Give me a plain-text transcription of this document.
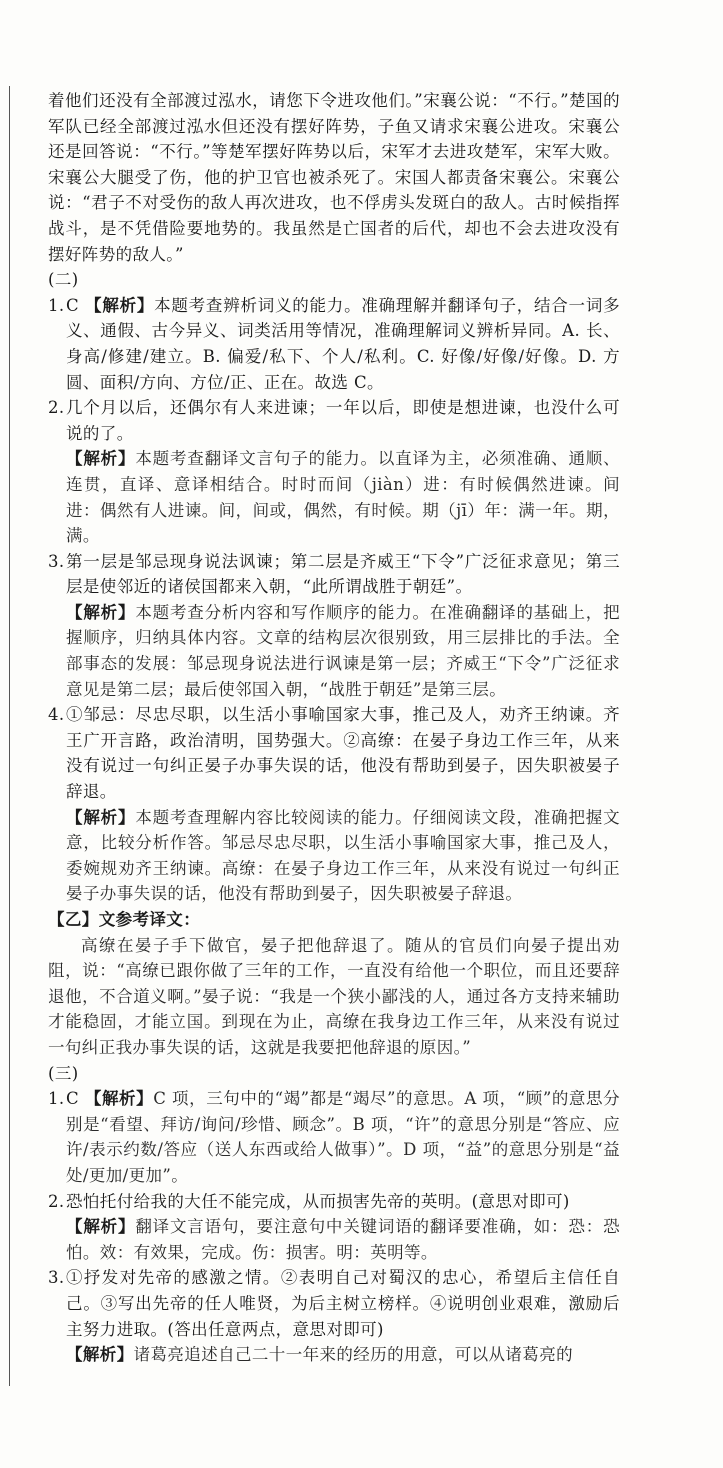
着他们还没有全部渡过泓水，请您下令进攻他们。”宋襄公说：“不行。”楚国的军队已经全部渡过泓水但还没有摆好阵势，子鱼又请求宋襄公进攻。宋襄公还是回答说：“不行。”等楚军摆好阵势以后，宋军才去进攻楚军，宋军大败。宋襄公大腿受了伤，他的护卫官也被杀死了。宋国人都责备宋襄公。宋襄公说：“君子不对受伤的敌人再次进攻，也不俘虏头发斑白的敌人。古时候指挥战斗，是不凭借险要地势的。我虽然是亡国者的后代，却也不会去进攻没有摆好阵势的敌人。”

(二)

1. C 【解析】本题考查辨析词义的能力。准确理解并翻译句子，结合一词多义、通假、古今异义、词类活用等情况，准确理解词义辨析异同。A. 长、身高/修建/建立。B. 偏爱/私下、个人/私利。C. 好像/好像/好像。D. 方圆、面积/方向、方位/正、正在。故选 C。

2. 几个月以后，还偶尔有人来进谏；一年以后，即使是想进谏，也没什么可说的了。

【解析】本题考查翻译文言句子的能力。以直译为主，必须准确、通顺、连贯，直译、意译相结合。时时而间（jiàn）进：有时候偶然进谏。间进：偶然有人进谏。间，间或，偶然，有时候。期（jī）年：满一年。期，满。

3. 第一层是邹忌现身说法讽谏；第二层是齐威王“下令”广泛征求意见；第三层是使邻近的诸侯国都来入朝，“此所谓战胜于朝廷”。

【解析】本题考查分析内容和写作顺序的能力。在准确翻译的基础上，把握顺序，归纳具体内容。文章的结构层次很别致，用三层排比的手法。全部事态的发展：邹忌现身说法进行讽谏是第一层；齐威王“下令”广泛征求意见是第二层；最后使邻国入朝，“战胜于朝廷”是第三层。

4. ①邹忌：尽忠尽职，以生活小事喻国家大事，推己及人，劝齐王纳谏。齐王广开言路，政治清明，国势强大。②高缭：在晏子身边工作三年，从来没有说过一句纠正晏子办事失误的话，他没有帮助到晏子，因失职被晏子辞退。

【解析】本题考查理解内容比较阅读的能力。仔细阅读文段，准确把握文意，比较分析作答。邹忌尽忠尽职，以生活小事喻国家大事，推己及人，委婉规劝齐王纳谏。高缭：在晏子身边工作三年，从来没有说过一句纠正晏子办事失误的话，他没有帮助到晏子，因失职被晏子辞退。

【乙】文参考译文：

高缭在晏子手下做官，晏子把他辞退了。随从的官员们向晏子提出劝阻，说：“高缭已跟你做了三年的工作，一直没有给他一个职位，而且还要辞退他，不合道义啊。”晏子说：“我是一个狭小鄙浅的人，通过各方支持来辅助才能稳固，才能立国。到现在为止，高缭在我身边工作三年，从来没有说过一句纠正我办事失误的话，这就是我要把他辞退的原因。”

(三)

1. C 【解析】C 项，三句中的“竭”都是“竭尽”的意思。A 项，“顾”的意思分别是“看望、拜访/询问/珍惜、顾念”。B 项，“许”的意思分别是“答应、应许/表示约数/答应（送人东西或给人做事）”。D 项，“益”的意思分别是“益处/更加/更加”。

2. 恐怕托付给我的大任不能完成，从而损害先帝的英明。(意思对即可)

【解析】翻译文言语句，要注意句中关键词语的翻译要准确，如：恐：恐怕。效：有效果，完成。伤：损害。明：英明等。

3. ①抒发对先帝的感激之情。②表明自己对蜀汉的忠心，希望后主信任自己。③写出先帝的任人唯贤，为后主树立榜样。④说明创业艰难，激励后主努力进取。(答出任意两点，意思对即可)

【解析】诸葛亮追述自己二十一年来的经历的用意，可以从诸葛亮的
